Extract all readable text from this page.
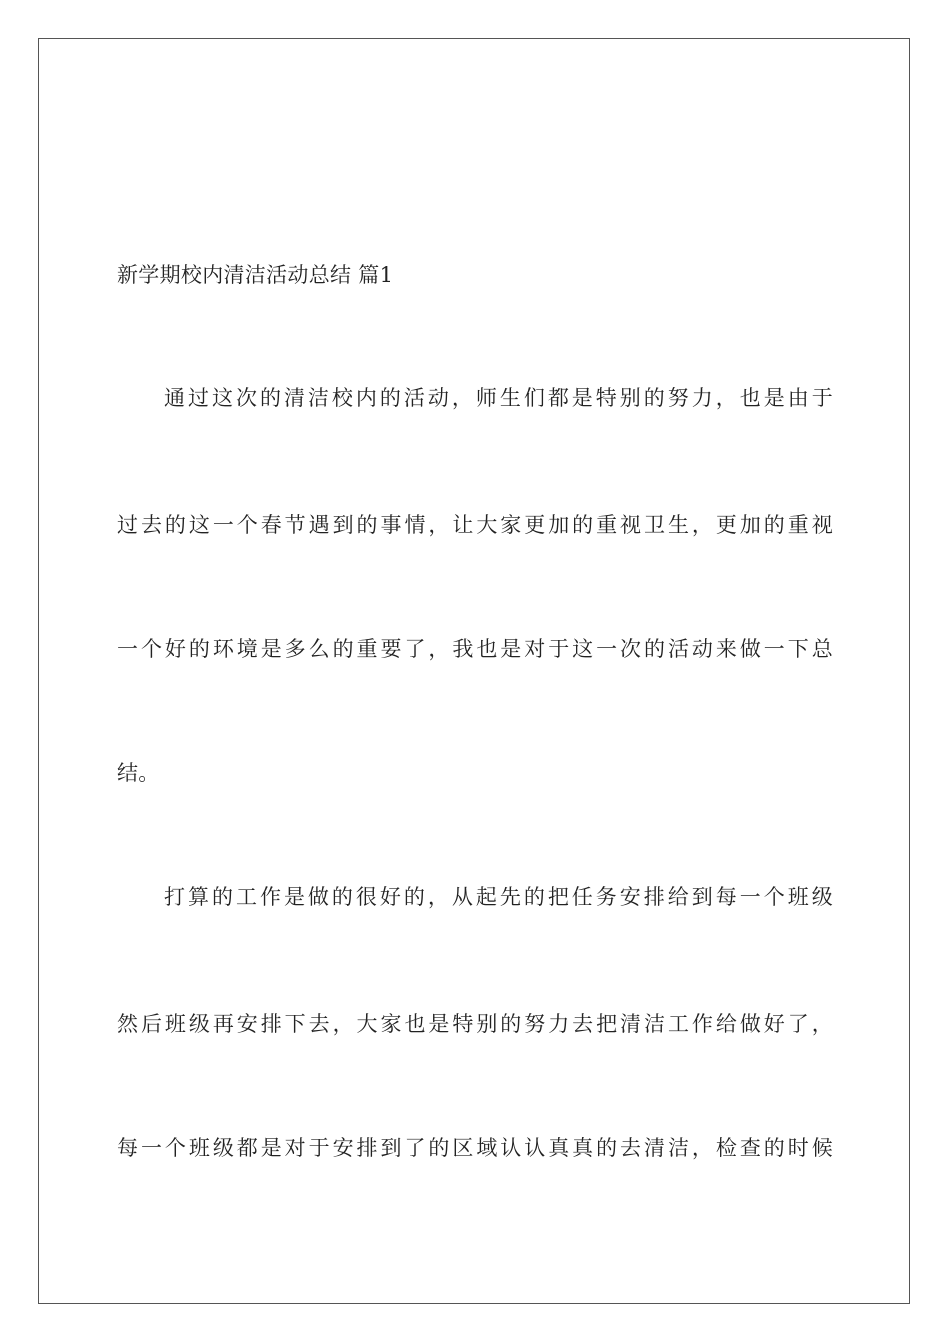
新学期校内清洁活动总结 篇1
通过这次的清洁校内的活动，师生们都是特别的努力，也是由于
过去的这一个春节遇到的事情，让大家更加的重视卫生，更加的重视
一个好的环境是多么的重要了，我也是对于这一次的活动来做一下总
结。
打算的工作是做的很好的，从起先的把任务安排给到每一个班级
然后班级再安排下去，大家也是特别的努力去把清洁工作给做好了，
每一个班级都是对于安排到了的区域认认真真的去清洁，检查的时候
